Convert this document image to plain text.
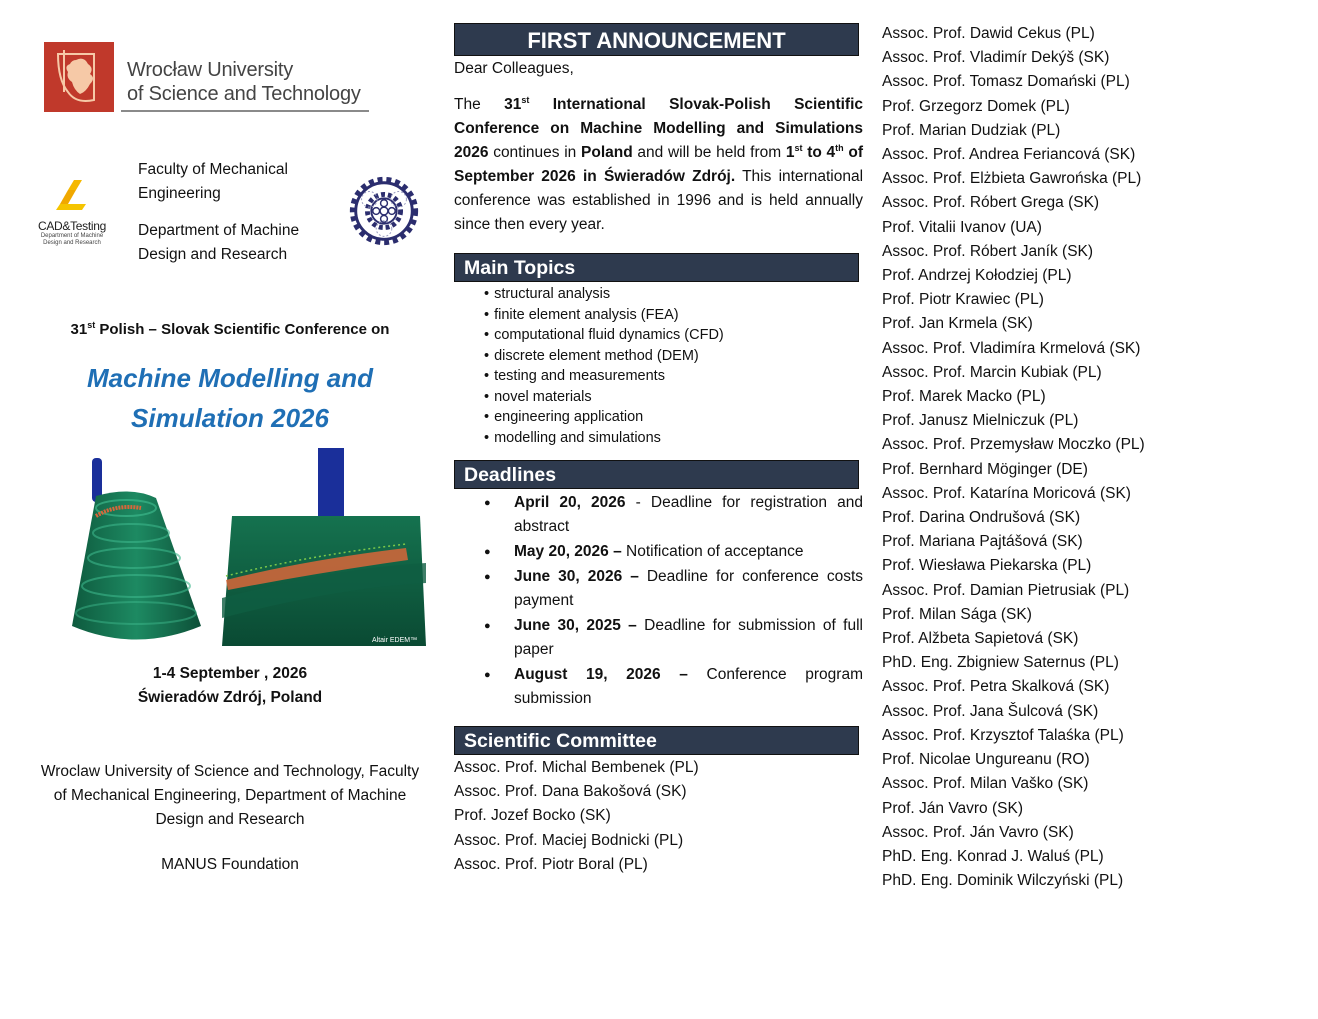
Wrocław University
of Science and Technology
CAD&Testing
Department of Machine
Design and Research
Faculty of Mechanical
Engineering
Department of Machine
Design and Research
31st Polish – Slovak Scientific Conference on
Machine Modelling and
Simulation 2026
Altair EDEM™	Altair EDEM™
1-4 September , 2026
Świeradów Zdrój, Poland
Wroclaw University of Science and Technology, Faculty
of Mechanical Engineering, Department of Machine
Design and Research
MANUS Foundation
FIRST ANNOUNCEMENT
Dear Colleagues,
The 31st International Slovak-Polish Scientific Conference on Machine Modelling and Simulations 2026 continues in Poland and will be held from 1st to 4th of September 2026 in Świeradów Zdrój. This international conference was established in 1996 and is held annually since then every year.
Main Topics
• structural analysis
• finite element analysis (FEA)
• computational fluid dynamics (CFD)
• discrete element method (DEM)
• testing and measurements
• novel materials
• engineering application
• modelling and simulations
Deadlines
● April 20, 2026 - Deadline for registration and abstract
● May 20, 2026 – Notification of acceptance
● June 30, 2026 – Deadline for conference costs payment
● June 30, 2025 – Deadline for submission of full paper
● August 19, 2026 – Conference program submission
Scientific Committee
Assoc. Prof. Michal Bembenek (PL)
Assoc. Prof. Dana Bakošová (SK)
Prof. Jozef Bocko (SK)
Assoc. Prof. Maciej Bodnicki (PL)
Assoc. Prof. Piotr Boral (PL)
Assoc. Prof. Dawid Cekus (PL)
Assoc. Prof. Vladimír Dekýš (SK)
Assoc. Prof. Tomasz Domański (PL)
Prof. Grzegorz Domek (PL)
Prof. Marian Dudziak (PL)
Assoc. Prof. Andrea Feriancová (SK)
Assoc. Prof. Elżbieta Gawrońska (PL)
Assoc. Prof. Róbert Grega (SK)
Prof. Vitalii Ivanov (UA)
Assoc. Prof. Róbert Janík (SK)
Prof. Andrzej Kołodziej (PL)
Prof. Piotr Krawiec (PL)
Prof. Jan Krmela (SK)
Assoc. Prof. Vladimíra Krmelová (SK)
Assoc. Prof. Marcin Kubiak (PL)
Prof. Marek Macko (PL)
Prof. Janusz Mielniczuk (PL)
Assoc. Prof. Przemysław Moczko (PL)
Prof. Bernhard Möginger (DE)
Assoc. Prof. Katarína Moricová (SK)
Prof. Darina Ondrušová (SK)
Prof. Mariana Pajtášová (SK)
Prof. Wiesława Piekarska (PL)
Assoc. Prof. Damian Pietrusiak (PL)
Prof. Milan Sága (SK)
Prof. Alžbeta Sapietová (SK)
PhD. Eng. Zbigniew Saternus (PL)
Assoc. Prof. Petra Skalková (SK)
Assoc. Prof. Jana Šulcová (SK)
Assoc. Prof. Krzysztof Talaśka (PL)
Prof. Nicolae Ungureanu (RO)
Assoc. Prof. Milan Vaško (SK)
Prof. Ján Vavro (SK)
Assoc. Prof. Ján Vavro (SK)
PhD. Eng. Konrad J. Waluś (PL)
PhD. Eng. Dominik Wilczyński (PL)
